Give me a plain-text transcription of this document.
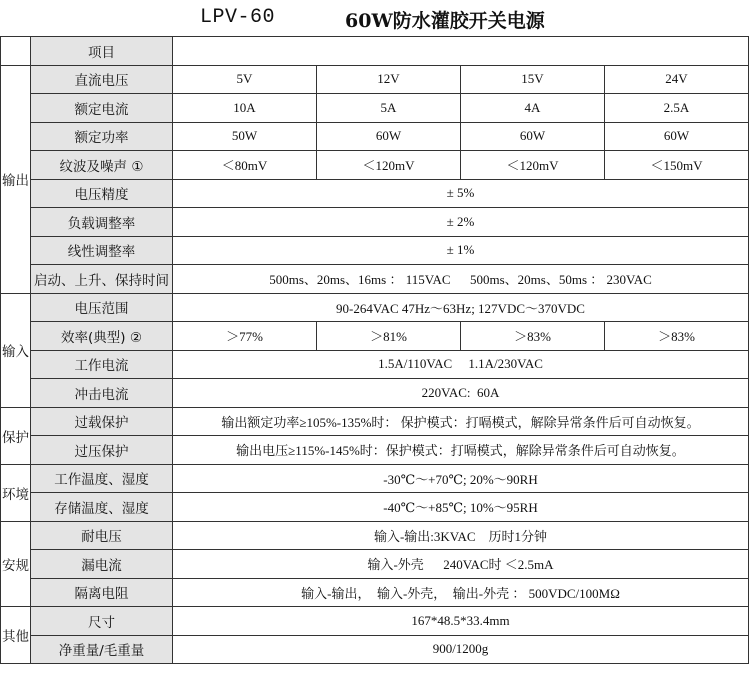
LPV-60	60W防水灌胶开关电源
	项目				
输出	直流电压	5V	12V	15V	24V
	额定电流	10A	5A	4A	2.5A
	额定功率	50W	60W	60W	60W
	纹波及噪声 ①	＜80mV	＜120mV	＜120mV	＜150mV
	电压精度	± 5%			
	负载调整率	± 2%			
	线性调整率	± 1%			
	启动、上升、保持时间	500ms、20ms、16ms ： 115VAC      500ms、20ms、50ms ： 230VAC			
输入	电压范围	90-264VAC 47Hz～63Hz; 127VDC～370VDC			
	效率(典型) ②	＞77%	＞81%	＞83%	＞83%
	工作电流	1.5A/110VAC     1.1A/230VAC			
	冲击电流	220VAC:  60A			
保护	过载保护	输出额定功率≥105%-135%时： 保护模式：打嗝模式，解除异常条件后可自动恢复。			
	过压保护	输出电压≥115%-145%时：保护模式：打嗝模式，解除异常条件后可自动恢复。			
环境	工作温度、湿度	-30℃～+70℃; 20%～90RH			
	存储温度、湿度	-40℃～+85℃; 10%～95RH			
安规	耐电压	输入-输出:3KVAC    历时1分钟			
	漏电流	输入-外壳      240VAC时 ＜2.5mA			
	隔离电阻	输入-输出，  输入-外壳，  输出-外壳 ： 500VDC/100MΩ			
其他	尺寸	167*48.5*33.4mm			
	净重量/毛重量	900/1200g			
